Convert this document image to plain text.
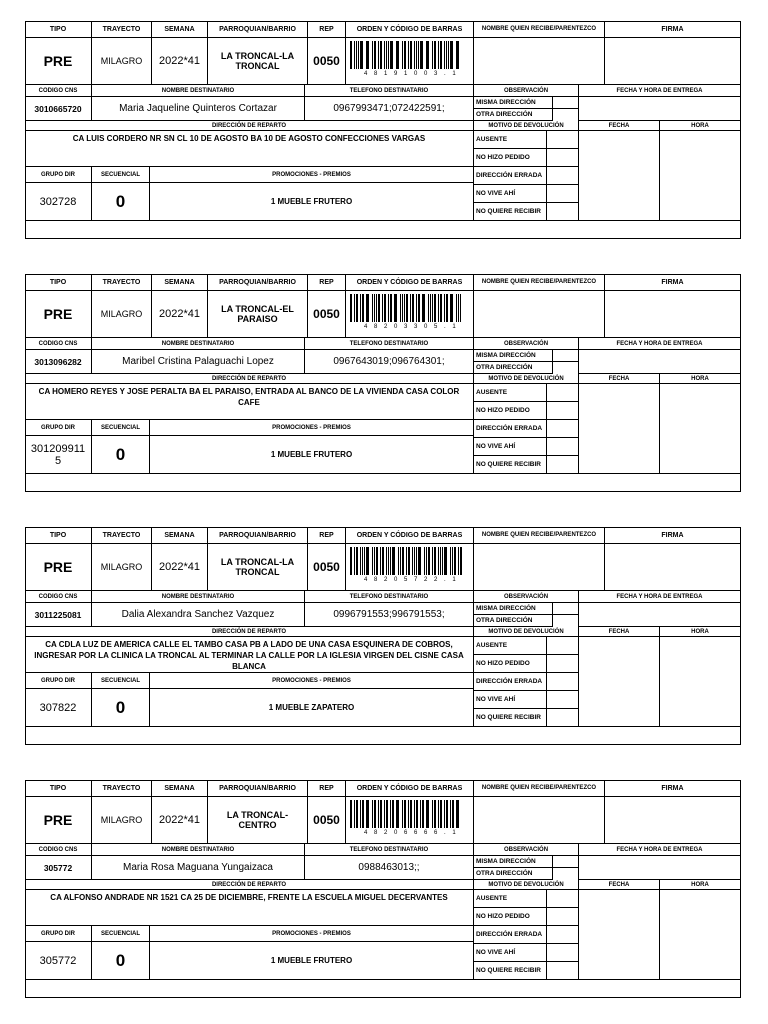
TIPO	TRAYECTO	SEMANA	PARROQUIAN/BARRIO	REP	ORDEN Y CÓDIGO DE BARRAS	NOMBRE QUIEN RECIBE/PARENTEZCO	FIRMA
PRE	MILAGRO	2022*41	LA TRONCAL-LA TRONCAL	0050
4 8 1 9 1 0 0 3 . 1
CODIGO CNS	NOMBRE DESTINATARIO	TELEFONO DESTINATARIO	OBSERVACIÓN	FECHA Y HORA DE ENTREGA
3010665720	Maria Jaqueline Quinteros Cortazar	0967993471;072422591;
MISMA DIRECCIÓN
OTRA DIRECCIÓN
DIRECCIÓN DE REPARTO	MOTIVO DE DEVOLUCIÓN	FECHA	HORA
CA LUIS CORDERO NR SN CL 10 DE AGOSTO BA 10 DE AGOSTO CONFECCIONES VARGAS
GRUPO DIR	SECUENCIAL	PROMOCIONES - PREMIOS
302728	0	1 MUEBLE FRUTERO
AUSENTE
NO HIZO PEDIDO
DIRECCIÓN ERRADA
NO VIVE AHÍ
NO QUIERE RECIBIR
TIPO	TRAYECTO	SEMANA	PARROQUIAN/BARRIO	REP	ORDEN Y CÓDIGO DE BARRAS	NOMBRE QUIEN RECIBE/PARENTEZCO	FIRMA
PRE	MILAGRO	2022*41	LA TRONCAL-EL PARAISO	0050
4 8 2 0 3 3 0 5 . 1
CODIGO CNS	NOMBRE DESTINATARIO	TELEFONO DESTINATARIO	OBSERVACIÓN	FECHA Y HORA DE ENTREGA
3013096282	Maribel Cristina Palaguachi Lopez	0967643019;096764301;
MISMA DIRECCIÓN
OTRA DIRECCIÓN
DIRECCIÓN DE REPARTO	MOTIVO DE DEVOLUCIÓN	FECHA	HORA
CA HOMERO REYES Y JOSE PERALTA BA EL PARAISO, ENTRADA AL BANCO DE LA VIVIENDA CASA COLOR CAFE
GRUPO DIR	SECUENCIAL	PROMOCIONES - PREMIOS
3012099115	0	1 MUEBLE FRUTERO
AUSENTE
NO HIZO PEDIDO
DIRECCIÓN ERRADA
NO VIVE AHÍ
NO QUIERE RECIBIR
TIPO	TRAYECTO	SEMANA	PARROQUIAN/BARRIO	REP	ORDEN Y CÓDIGO DE BARRAS	NOMBRE QUIEN RECIBE/PARENTEZCO	FIRMA
PRE	MILAGRO	2022*41	LA TRONCAL-LA TRONCAL	0050
4 8 2 0 5 7 2 2 . 1
CODIGO CNS	NOMBRE DESTINATARIO	TELEFONO DESTINATARIO	OBSERVACIÓN	FECHA Y HORA DE ENTREGA
3011225081	Dalia Alexandra Sanchez Vazquez	0996791553;996791553;
MISMA DIRECCIÓN
OTRA DIRECCIÓN
DIRECCIÓN DE REPARTO	MOTIVO DE DEVOLUCIÓN	FECHA	HORA
CA CDLA LUZ DE AMERICA CALLE EL TAMBO CASA PB A LADO DE UNA CASA ESQUINERA DE COBROS, INGRESAR POR LA CLINICA LA TRONCAL AL TERMINAR LA CALLE POR LA IGLESIA VIRGEN DEL CISNE CASA BLANCA
GRUPO DIR	SECUENCIAL	PROMOCIONES - PREMIOS
307822	0	1 MUEBLE ZAPATERO
AUSENTE
NO HIZO PEDIDO
DIRECCIÓN ERRADA
NO VIVE AHÍ
NO QUIERE RECIBIR
TIPO	TRAYECTO	SEMANA	PARROQUIAN/BARRIO	REP	ORDEN Y CÓDIGO DE BARRAS	NOMBRE QUIEN RECIBE/PARENTEZCO	FIRMA
PRE	MILAGRO	2022*41	LA TRONCAL-CENTRO	0050
4 8 2 0 6 6 6 6 . 1
CODIGO CNS	NOMBRE DESTINATARIO	TELEFONO DESTINATARIO	OBSERVACIÓN	FECHA Y HORA DE ENTREGA
305772	Maria Rosa Maguana Yungaizaca	0988463013;;
MISMA DIRECCIÓN
OTRA DIRECCIÓN
DIRECCIÓN DE REPARTO	MOTIVO DE DEVOLUCIÓN	FECHA	HORA
CA ALFONSO ANDRADE NR 1521 CA 25 DE DICIEMBRE, FRENTE LA ESCUELA MIGUEL DECERVANTES
GRUPO DIR	SECUENCIAL	PROMOCIONES - PREMIOS
305772	0	1 MUEBLE FRUTERO
AUSENTE
NO HIZO PEDIDO
DIRECCIÓN ERRADA
NO VIVE AHÍ
NO QUIERE RECIBIR
